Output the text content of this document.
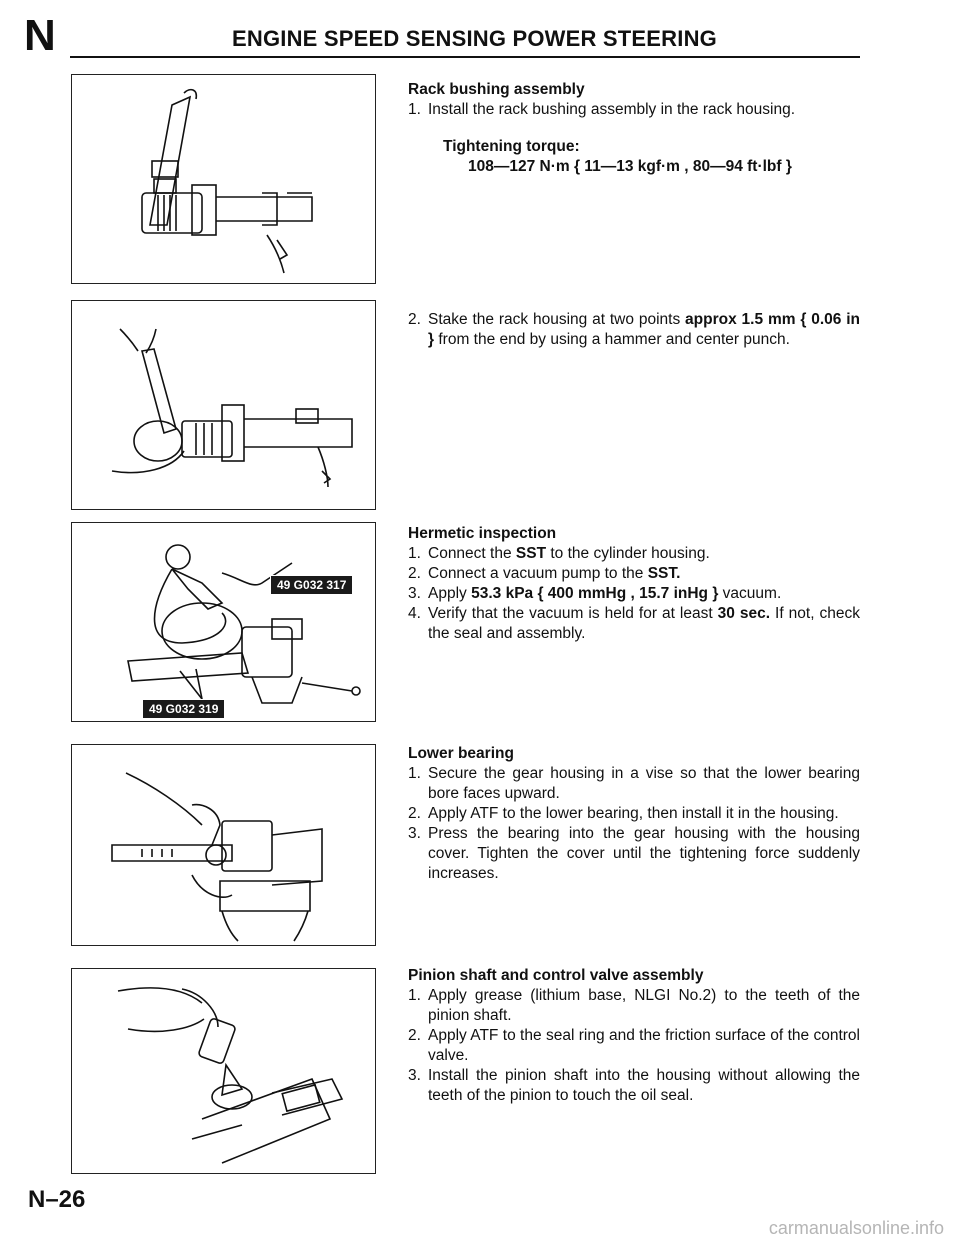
N	ENGINE SPEED SENSING POWER STEERING
49 G032 317
49 G032 319
Rack bushing assembly
1. Install the rack bushing assembly in the rack housing.
Tightening torque:
108—127 N·m { 11—13 kgf·m , 80—94 ft·lbf }
2. Stake the rack housing at two points approx 1.5 mm { 0.06 in } from the end by using a hammer and center punch.
Hermetic inspection
1. Connect the SST to the cylinder housing.
2. Connect a vacuum pump to the SST.
3. Apply 53.3 kPa { 400 mmHg , 15.7 inHg } vacuum.
4. Verify that the vacuum is held for at least 30 sec. If not, check the seal and assembly.
Lower bearing
1. Secure the gear housing in a vise so that the lower bearing bore faces upward.
2. Apply ATF to the lower bearing, then install it in the housing.
3. Press the bearing into the gear housing with the housing cover. Tighten the cover until the tightening force suddenly increases.
Pinion shaft and control valve assembly
1. Apply grease (lithium base, NLGI No.2) to the teeth of the pinion shaft.
2. Apply ATF to the seal ring and the friction surface of the control valve.
3. Install the pinion shaft into the housing without allowing the teeth of the pinion to touch the oil seal.
N–26
carmanualsonline.info
